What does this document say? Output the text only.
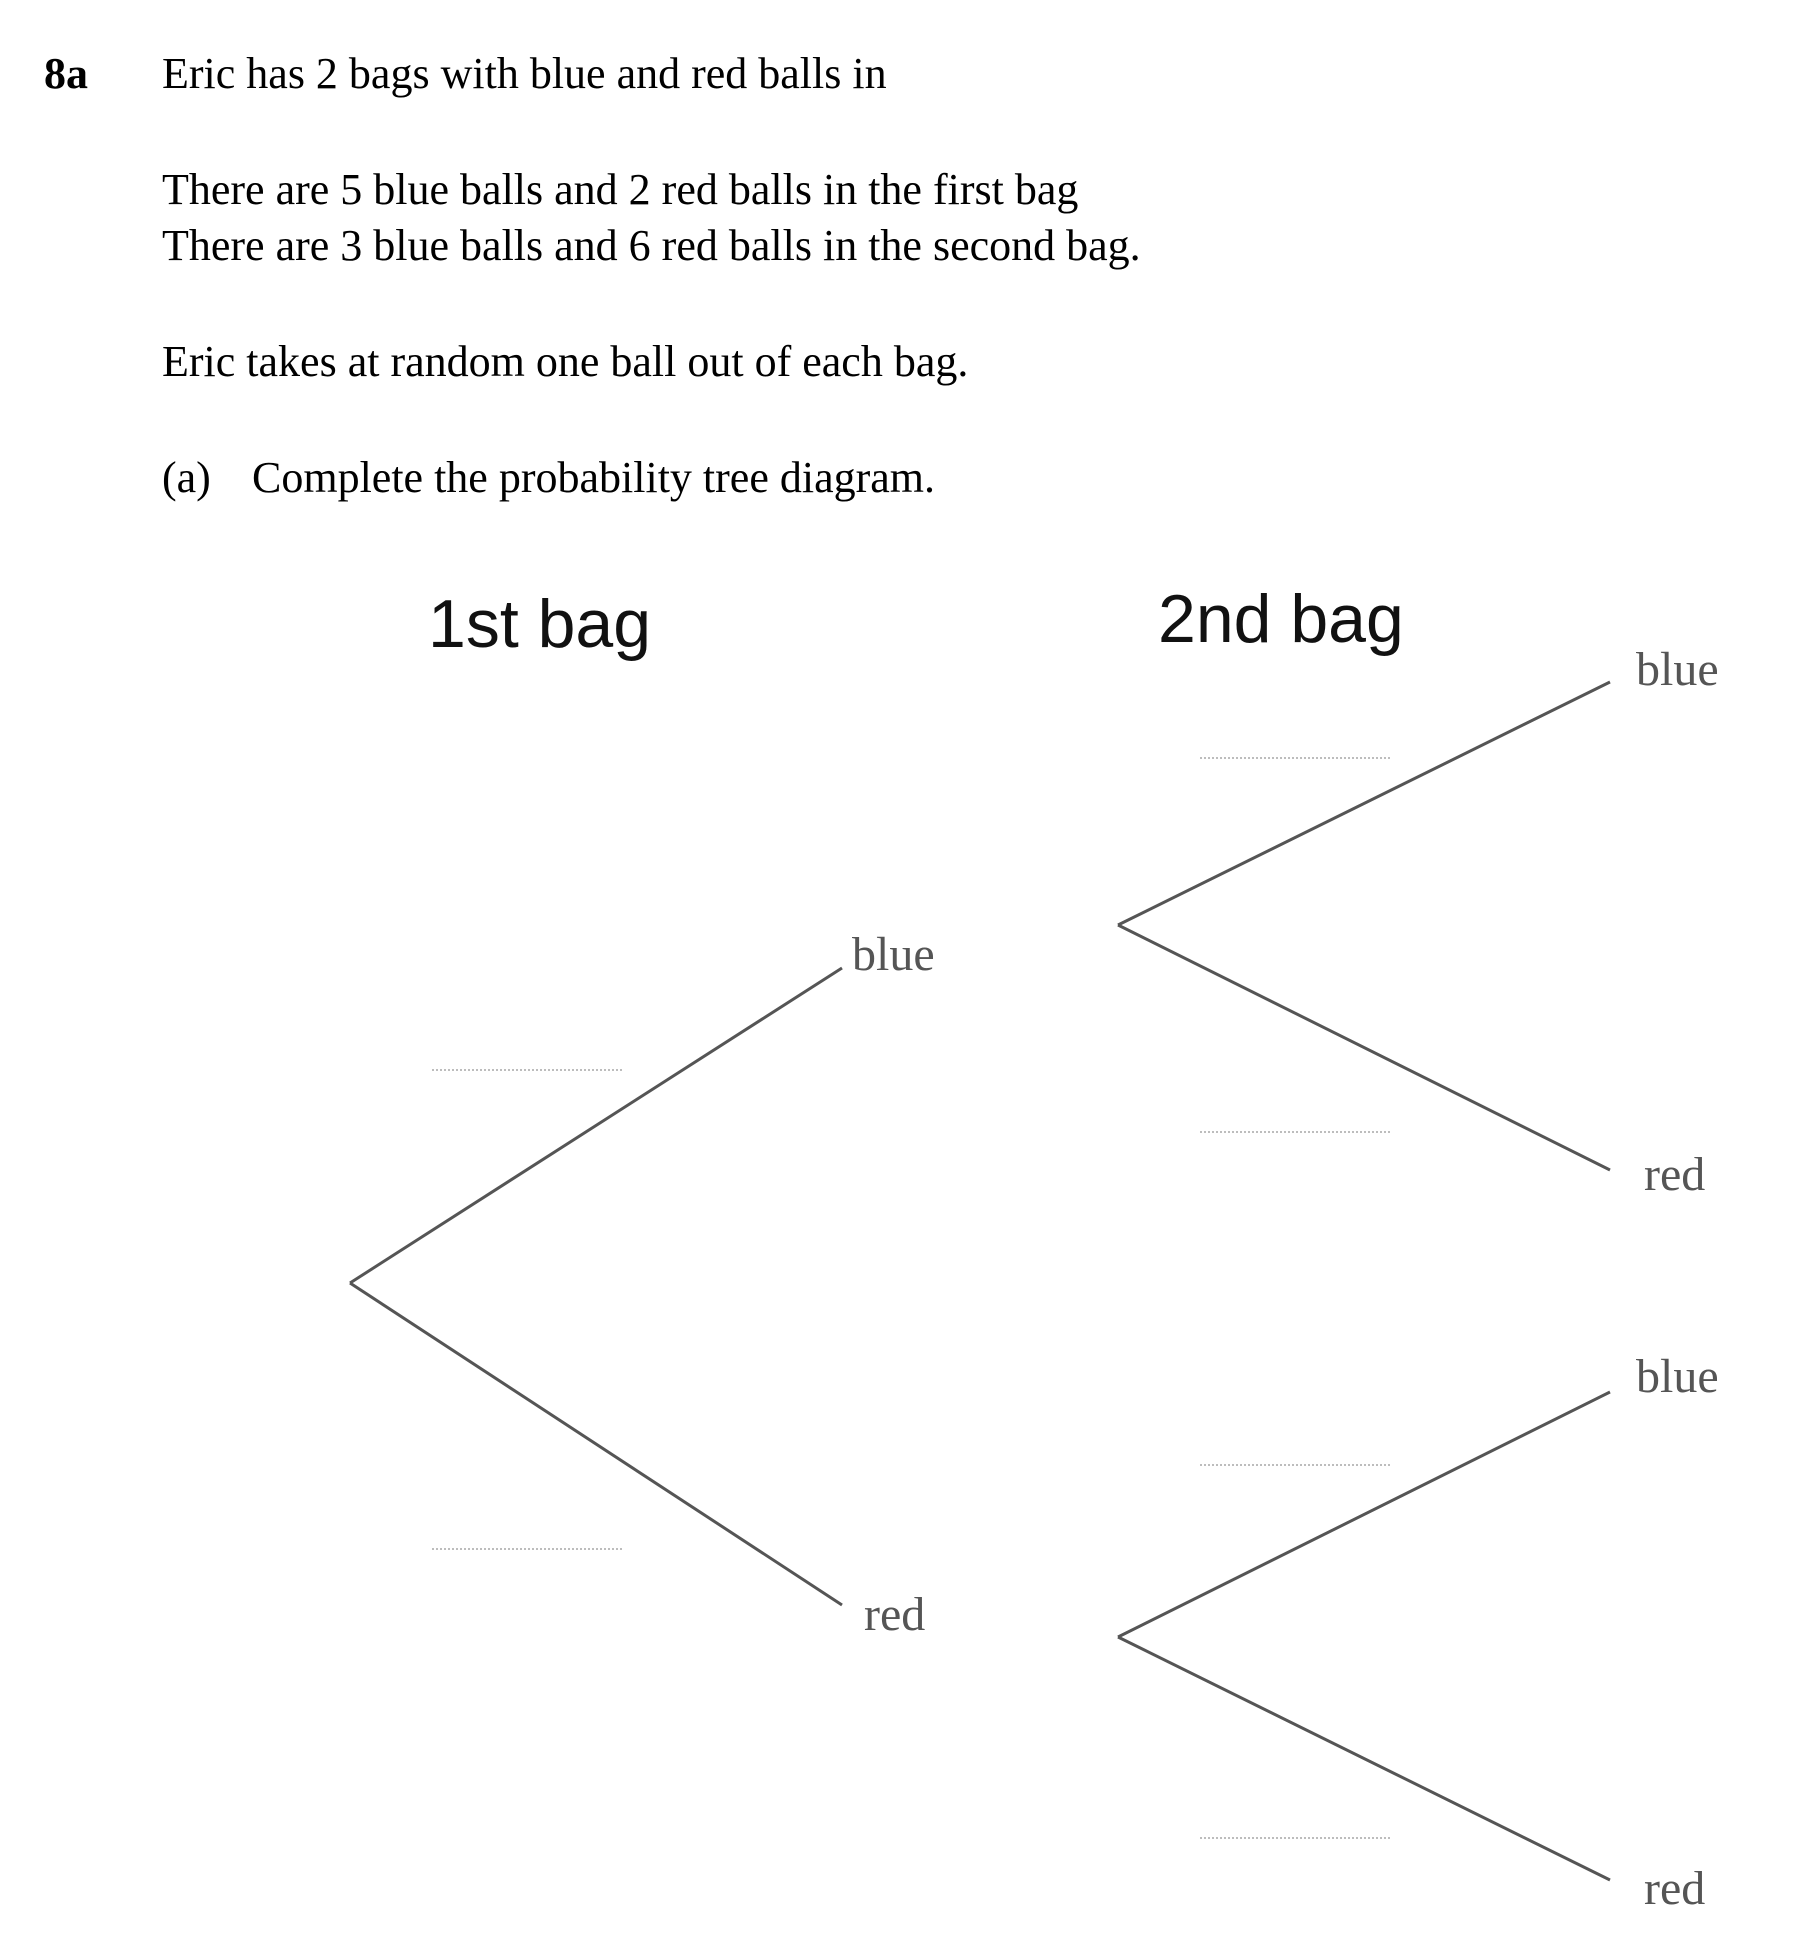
8a Eric has 2 bags with blue and red balls in
There are 5 blue balls and 2 red balls in the first bag
There are 3 blue balls and 6 red balls in the second bag.
Eric takes at random one ball out of each bag.
(a) Complete the probability tree diagram.
1st bag	2nd bag
blue
red
blue
red
blue
red
